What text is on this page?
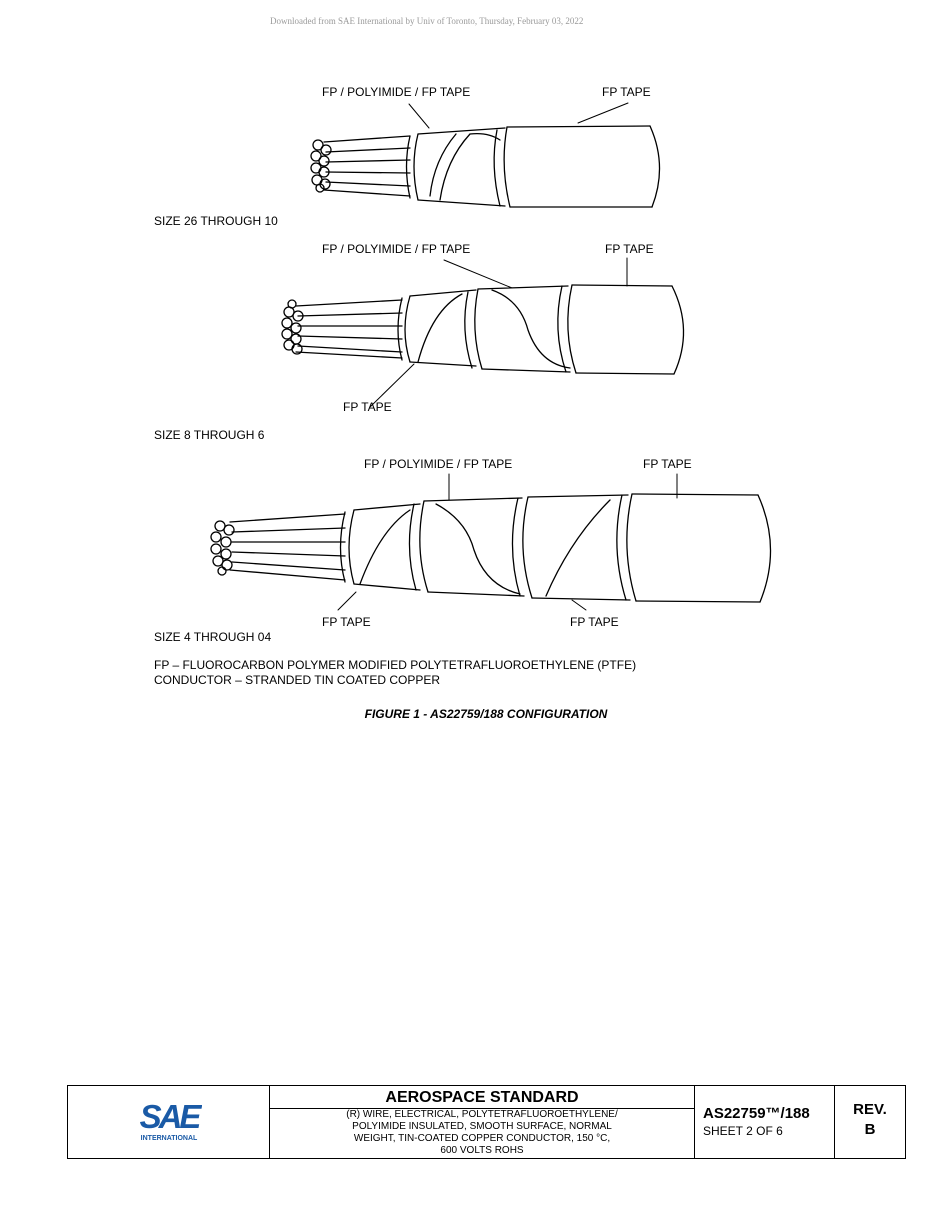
Downloaded from SAE International by Univ of Toronto, Thursday, February 03, 2022
FP / POLYIMIDE / FP TAPE	FP TAPE
SIZE 26 THROUGH 10
FP / POLYIMIDE / FP TAPE	FP TAPE
FP TAPE
SIZE 8 THROUGH 6
FP / POLYIMIDE / FP TAPE	FP TAPE
FP TAPE	FP TAPE
SIZE 4 THROUGH 04
FP – FLUOROCARBON POLYMER MODIFIED POLYTETRAFLUOROETHYLENE (PTFE)
CONDUCTOR – STRANDED TIN COATED COPPER
FIGURE 1 - AS22759/188 CONFIGURATION
SAE
INTERNATIONAL
AEROSPACE STANDARD
(R) WIRE, ELECTRICAL, POLYTETRAFLUOROETHYLENE/
POLYIMIDE INSULATED, SMOOTH SURFACE, NORMAL
WEIGHT, TIN-COATED COPPER CONDUCTOR, 150 °C,
600 VOLTS ROHS
AS22759™/188
SHEET 2 OF 6
REV.
B
